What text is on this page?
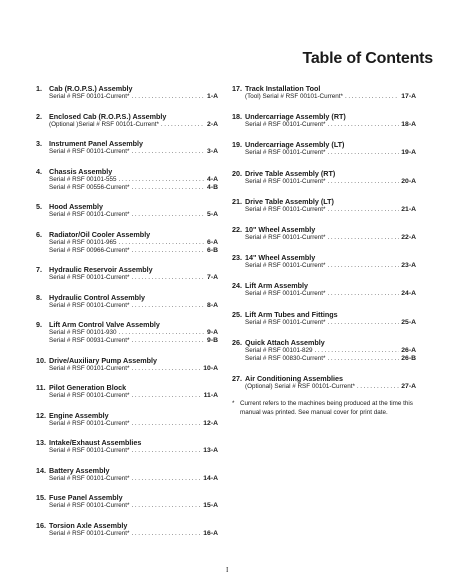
Table of Contents
1. Cab (R.O.P.S.) Assembly
Serial # RSF 00101-Current* .....	1-A
2. Enclosed Cab (R.O.P.S.) Assembly
(Optional )Serial # RSF 00101-Current* .....	2-A
3. Instrument Panel Assembly
Serial # RSF 00101-Current* .....	3-A
4. Chassis Assembly
Serial # RSF 00101-555 .....	4-A
Serial # RSF 00556-Current* .....	4-B
5. Hood Assembly
Serial # RSF 00101-Current* .....	5-A
6. Radiator/Oil Cooler Assembly
Serial # RSF 00101-965 .....	6-A
Serial # RSF 00966-Current* .....	6-B
7. Hydraulic Reservoir Assembly
Serial # RSF 00101-Current* .....	7-A
8. Hydraulic Control Assembly
Serial # RSF 00101-Current* .....	8-A
9. Lift Arm Control Valve Assembly
Serial # RSF 00101-930 .....	9-A
Serial # RSF 00931-Current* .....	9-B
10. Drive/Auxiliary Pump Assembly
Serial # RSF 00101-Current* .....	10-A
11. Pilot Generation Block
Serial # RSF 00101-Current* .....	11-A
12. Engine Assembly
Serial # RSF 00101-Current* .....	12-A
13. Intake/Exhaust Assemblies
Serial # RSF 00101-Current* .....	13-A
14. Battery Assembly
Serial # RSF 00101-Current* .....	14-A
15. Fuse Panel Assembly
Serial # RSF 00101-Current* .....	15-A
16. Torsion Axle Assembly
Serial # RSF 00101-Current* .....	16-A
17. Track Installation Tool
(Tool) Serial # RSF 00101-Current* .....	17-A
18. Undercarriage Assembly (RT)
Serial # RSF 00101-Current* .....	18-A
19. Undercarriage Assembly (LT)
Serial # RSF 00101-Current* .....	19-A
20. Drive Table Assembly (RT)
Serial # RSF 00101-Current* .....	20-A
21. Drive Table Assembly (LT)
Serial # RSF 00101-Current* .....	21-A
22. 10" Wheel Assembly
Serial # RSF 00101-Current* .....	22-A
23. 14" Wheel Assembly
Serial # RSF 00101-Current* .....	23-A
24. Lift Arm Assembly
Serial # RSF 00101-Current* .....	24-A
25. Lift Arm Tubes and Fittings
Serial # RSF 00101-Current* .....	25-A
26. Quick Attach Assembly
Serial # RSF 00101-829 .....	26-A
Serial # RSF 00830-Current* .....	26-B
27. Air Conditioning Assemblies
(Optional) Serial # RSF 00101-Current* .....	27-A
* Current refers to the machines being produced at the time this manual was printed. See manual cover for print date.
I
